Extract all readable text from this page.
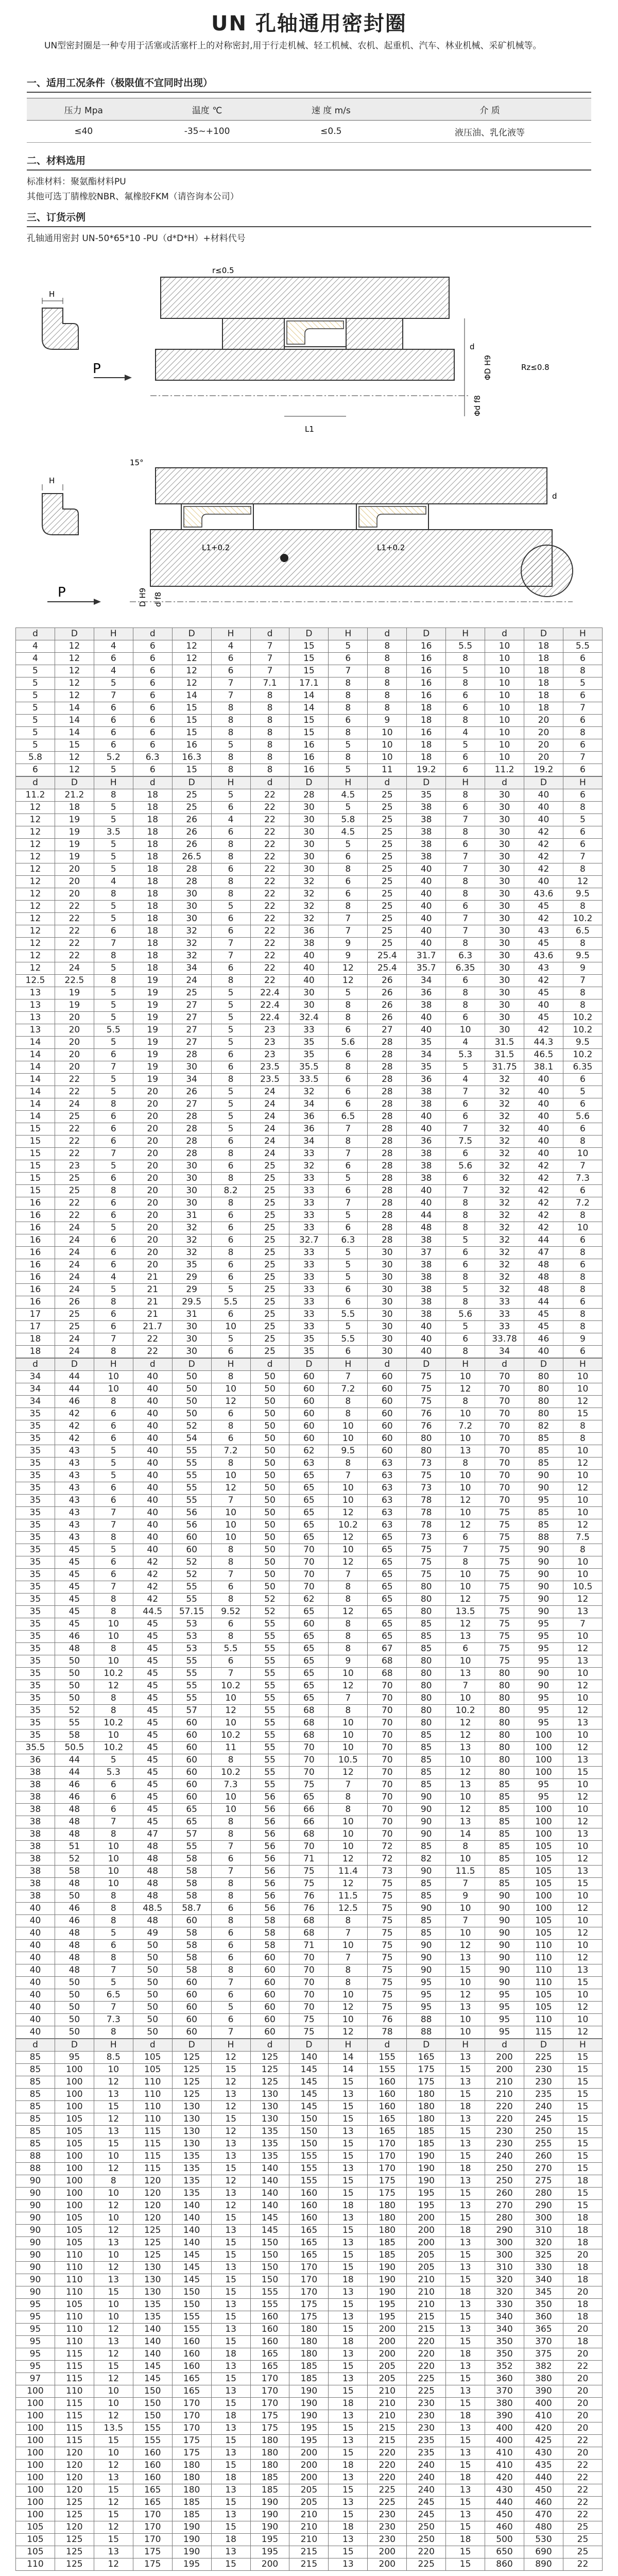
UN 孔轴通用密封圈
UN型密封圈是一种专用于活塞或活塞杆上的对称密封,用于行走机械、轻工机械、农机、起重机、汽车、林业机械、采矿机械等。
一、适用工况条件（极限值不宜同时出现）
压力 Mpa	温度 ℃	速 度 m/s	介 质
≤40	-35~+100	≤0.5	液压油、乳化液等
二、材料选用
标准材料：聚氨酯材料PU
其他可选丁腈橡胶NBR、氟橡胶FKM（请咨询本公司）
三、订货示例
孔轴通用密封 UN-50*65*10 -PU（d*D*H）+材料代号
H
P
r≤0.5
L1
d
ΦD H9
Φd f8
Rz≤0.8
H
P
15°
L1+0.2	L1+0.2
d
D H9 d f8
d	D	H	d	D	H	d	D	H	d	D	H	d	D	H
4	12	4	6	12	4	7	15	5	8	16	5.5	10	18	5.5
4	12	6	6	12	6	7	15	6	8	16	8	10	18	6
5	12	4	6	12	6	7	15	7	8	16	5	10	18	8
5	12	5	6	12	7	7.1	17.1	8	8	16	8	10	18	5
5	12	7	6	14	7	8	14	8	8	16	6	10	18	6
5	14	6	6	15	8	8	14	8	8	18	6	10	18	7
5	14	6	6	15	8	8	15	6	9	18	8	10	20	6
5	14	6	6	15	8	8	15	8	10	16	4	10	20	8
5	15	6	6	16	5	8	16	5	10	18	5	10	20	6
5.8	12	5.2	6.3	16.3	8	8	16	8	10	18	6	10	20	7
6	12	5	6	15	8	8	16	5	11	19.2	6	11.2	19.2	6
d	D	H	d	D	H	d	D	H	d	D	H	d	D	H
11.2	21.2	8	18	25	5	22	28	4.5	25	35	8	30	40	6
12	18	5	18	25	6	22	30	5	25	38	6	30	40	8
12	19	5	18	26	4	22	30	5.8	25	38	7	30	40	5
12	19	3.5	18	26	6	22	30	4.5	25	38	8	30	42	6
12	19	5	18	26	8	22	30	5	25	38	6	30	42	6
12	19	5	18	26.5	8	22	30	6	25	38	7	30	42	7
12	20	5	18	28	6	22	30	8	25	40	7	30	42	8
12	20	4	18	28	8	22	32	6	25	40	8	30	40	12
12	20	8	18	30	8	22	32	6	25	40	8	30	43.6	9.5
12	22	5	18	30	5	22	32	8	25	40	6	30	45	8
12	22	5	18	30	6	22	32	7	25	40	7	30	42	10.2
12	22	6	18	32	6	22	36	7	25	40	7	30	43	6.5
12	22	7	18	32	7	22	38	9	25	40	8	30	45	8
12	22	8	18	32	7	22	40	9	25.4	31.7	6.3	30	43.6	9.5
12	24	5	18	34	6	22	40	12	25.4	35.7	6.35	30	43	9
12.5	22.5	8	19	24	8	22	40	12	26	34	6	30	42	7
13	19	5	19	25	5	22.4	30	5	26	36	8	30	45	8
13	19	5	19	27	5	22.4	30	8	26	38	8	30	40	8
13	20	5	19	27	5	22.4	32.4	8	26	40	6	30	45	10.2
13	20	5.5	19	27	5	23	33	6	27	40	10	30	42	10.2
14	20	5	19	27	5	23	35	5.6	28	35	4	31.5	44.3	9.5
14	20	6	19	28	6	23	35	6	28	34	5.3	31.5	46.5	10.2
14	20	7	19	30	6	23.5	35.5	8	28	35	5	31.75	38.1	6.35
14	22	5	19	34	8	23.5	33.5	6	28	36	4	32	40	6
14	22	5	20	26	5	24	32	6	28	38	7	32	40	5
14	24	8	20	27	5	24	34	6	28	38	6	32	40	6
14	25	6	20	28	5	24	36	6.5	28	40	6	32	40	5.6
15	22	6	20	28	5	24	36	7	28	40	7	32	40	6
15	22	6	20	28	6	24	34	8	28	36	7.5	32	40	8
15	22	7	20	28	8	24	33	7	28	38	6	32	40	10
15	23	5	20	30	6	25	32	6	28	38	5.6	32	42	7
15	25	6	20	30	8	25	33	5	28	38	6	32	42	7.3
15	25	8	20	30	8.2	25	33	6	28	40	7	32	42	6
16	22	6	20	30	8	25	33	7	28	40	8	32	42	7.2
16	22	6	20	31	6	25	33	5	28	44	8	32	42	8
16	24	5	20	32	6	25	33	6	28	48	8	32	42	10
16	24	6	20	32	6	25	32.7	6.3	28	38	5	32	44	6
16	24	6	20	32	8	25	33	5	30	37	6	32	47	8
16	24	6	20	35	6	25	33	5	30	38	6	32	48	6
16	24	4	21	29	6	25	33	5	30	38	8	32	48	8
16	24	5	21	29	5	25	33	6	30	38	5	32	48	8
16	26	8	21	29.5	5.5	25	33	6	30	38	8	33	44	6
17	25	6	21	31	6	25	33	5.5	30	38	5.6	33	45	8
17	25	6	21.7	30	10	25	33	5	30	40	5	33	45	8
18	24	7	22	30	5	25	35	5.5	30	40	6	33.78	46	9
18	24	8	22	30	6	25	35	6	30	40	8	34	40	6
d	D	H	d	D	H	d	D	H	d	D	H	d	D	H
34	44	10	40	50	8	50	60	7	60	75	10	70	80	10
34	44	10	40	50	10	50	60	7.2	60	75	12	70	80	10
34	46	8	40	50	12	50	60	8	60	75	8	70	80	12
35	42	6	40	50	6	50	60	8	60	76	10	70	80	15
35	42	6	40	52	8	50	60	10	60	76	7.2	70	82	8
35	42	6	40	54	6	50	60	10	60	80	10	70	85	8
35	43	5	40	55	7.2	50	62	9.5	60	80	13	70	85	10
35	43	5	40	55	8	50	63	8	63	73	8	70	85	12
35	43	5	40	55	10	50	65	7	63	75	10	70	90	10
35	43	6	40	55	12	50	65	10	63	73	10	70	90	12
35	43	6	40	55	7	50	65	10	63	78	12	70	95	10
35	43	7	40	56	10	50	65	12	63	78	10	75	85	10
35	43	7	40	56	10	50	65	10.2	63	78	12	75	85	12
35	43	8	40	60	10	50	65	12	65	73	6	75	88	7.5
35	45	5	40	60	8	50	70	10	65	75	7	75	90	8
35	45	6	42	52	8	50	70	12	65	75	8	75	90	10
35	45	6	42	52	7	50	70	7	65	75	10	75	90	10
35	45	7	42	55	6	50	70	8	65	80	10	75	90	10.5
35	45	8	42	55	8	52	62	8	65	80	12	75	90	12
35	45	8	44.5	57.15	9.52	52	65	12	65	80	13.5	75	90	13
35	45	10	45	53	6	55	60	8	65	85	12	75	95	7
35	46	10	45	53	8	55	65	8	65	85	13	75	95	10
35	48	8	45	53	5.5	55	65	8	67	85	6	75	95	12
35	50	10	45	55	6	55	65	9	68	80	10	75	95	13
35	50	10.2	45	55	7	55	65	10	68	80	13	80	90	10
35	50	12	45	55	10.2	55	65	12	70	80	7	80	90	12
35	50	8	45	55	10	55	65	7	70	80	10	80	95	10
35	52	8	45	57	12	55	68	8	70	80	10.2	80	95	12
35	55	10.2	45	60	10	55	68	10	70	80	12	80	95	13
35	58	10	45	60	10.2	55	68	10	70	85	12	80	100	10
35.5	50.5	10.2	45	60	11	55	70	10	70	85	13	80	100	12
36	44	5	45	60	8	55	70	10.5	70	85	10	80	100	13
38	44	5.3	45	60	10.2	55	70	12	70	85	12	80	100	15
38	46	6	45	60	7.3	55	75	7	70	85	13	85	95	10
38	46	6	45	60	10	56	65	8	70	90	10	85	95	12
38	48	6	45	65	10	56	66	8	70	90	12	85	100	10
38	48	7	45	65	8	56	66	10	70	90	13	85	100	12
38	48	8	47	57	8	56	68	10	70	90	14	85	100	13
38	51	10	48	55	7	56	70	10	72	85	8	85	105	10
38	52	10	48	58	6	56	71	12	72	82	10	85	105	12
38	58	10	48	58	7	56	75	11.4	73	90	11.5	85	105	13
38	48	10	48	58	8	56	75	12	75	85	7	85	105	15
38	50	8	48	58	8	56	76	11.5	75	85	9	90	100	10
40	46	8	48.5	58.7	6	56	76	12.5	75	90	10	90	100	12
40	46	8	48	60	8	58	68	8	75	85	7	90	105	10
40	48	5	49	58	6	58	68	7	75	85	10	90	105	12
40	48	6	50	58	6	58	71	10	75	90	12	90	110	10
40	48	8	50	58	6	60	70	7	75	90	13	90	110	12
40	48	7	50	58	8	60	70	8	75	90	15	90	110	13
40	50	5	50	60	7	60	70	8	75	95	10	90	110	15
40	50	6.5	50	60	6	60	70	10	75	95	12	95	105	10
40	50	7	50	60	5	60	70	12	75	95	13	95	105	12
40	50	7.3	50	60	6	60	75	10	76	88	10	95	110	10
40	50	8	50	60	7	60	75	12	78	88	10	95	115	12
d	D	H	d	D	H	d	D	H	d	D	H	d	D	H
85	95	8.5	105	125	12	125	140	14	155	165	13	200	225	15
85	100	10	105	125	15	125	145	14	155	175	15	200	230	15
85	100	12	110	125	12	125	145	15	160	175	13	210	230	15
85	100	13	110	125	13	130	145	13	160	180	15	210	235	15
85	100	15	110	130	12	130	145	15	160	180	18	220	240	15
85	105	12	110	130	15	130	150	15	165	180	13	220	245	15
85	105	13	115	130	12	135	150	13	165	185	15	230	250	15
85	105	15	115	130	13	135	150	15	170	185	13	230	255	15
88	100	10	115	135	13	135	155	15	170	190	15	240	260	15
88	100	12	115	135	15	140	155	13	170	190	18	250	270	15
90	100	8	120	135	12	140	155	15	175	190	13	250	275	18
90	100	10	120	135	13	140	160	15	175	195	15	260	280	15
90	100	12	120	140	12	140	160	18	180	195	13	270	290	15
90	105	10	120	140	15	145	160	13	180	200	15	280	300	18
90	105	12	125	140	13	145	165	15	180	200	18	290	310	18
90	105	13	125	140	15	150	165	13	185	200	13	300	320	18
90	110	10	125	145	15	150	165	15	185	205	15	300	325	20
90	110	12	130	145	13	150	170	15	190	205	13	310	330	18
90	110	13	130	145	15	150	170	18	190	210	15	320	340	18
90	110	15	130	150	15	155	170	13	190	210	18	320	345	20
95	105	10	135	150	13	155	175	15	195	210	13	330	350	18
95	110	10	135	155	15	160	175	13	195	215	15	340	360	18
95	110	12	140	155	13	160	180	15	200	215	13	340	365	20
95	110	13	140	160	15	160	180	18	200	220	15	350	370	18
95	115	12	140	160	18	165	180	13	200	220	18	350	375	20
95	115	15	145	160	13	165	185	15	205	220	13	352	382	22
97	115	12	145	165	15	170	185	13	205	225	15	360	380	20
100	110	10	150	165	13	170	190	15	210	225	13	370	390	20
100	115	10	150	170	15	170	190	18	210	230	15	380	400	20
100	115	12	150	170	18	175	190	13	210	230	18	390	410	20
100	115	13.5	155	170	13	175	195	15	215	230	13	400	420	20
100	115	15	155	175	15	180	195	13	215	235	15	400	425	22
100	120	10	160	175	13	180	200	15	220	235	13	410	430	20
100	120	12	160	180	15	180	200	18	220	240	15	410	435	22
100	120	13	160	180	18	185	200	13	220	240	18	420	440	22
100	120	15	165	180	13	185	205	15	225	240	13	430	450	22
100	125	12	165	185	15	190	205	13	225	245	15	440	460	22
100	125	15	170	185	13	190	210	15	230	245	13	450	470	22
105	120	12	170	190	15	190	210	18	230	250	15	460	480	25
105	125	15	170	190	18	195	210	13	230	250	18	500	530	25
105	125	13	175	190	13	195	215	15	200	220	15	650	690	25
110	125	12	175	195	15	200	215	13	200	225	15	860	890	22
